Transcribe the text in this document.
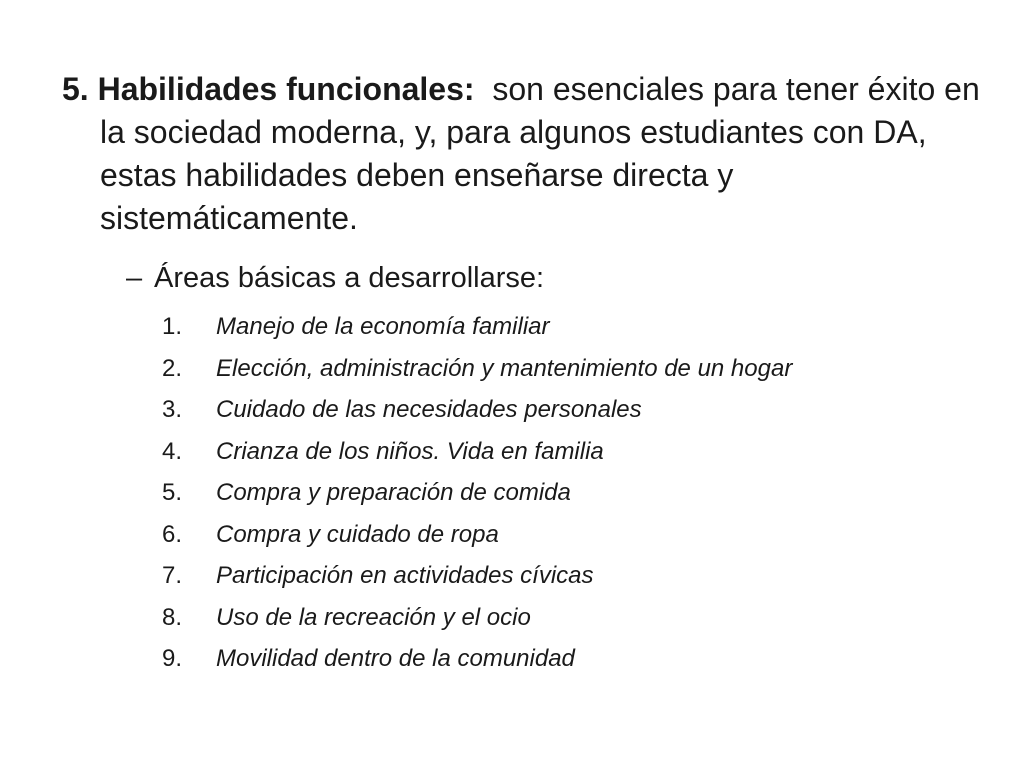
5. Habilidades funcionales: son esenciales para tener éxito en la sociedad moderna, y, para algunos estudiantes con DA, estas habilidades deben enseñarse directa y sistemáticamente.
– Áreas básicas a desarrollarse:
1. Manejo de la economía familiar
2. Elección, administración y mantenimiento de un hogar
3. Cuidado de las necesidades personales
4. Crianza de los niños. Vida en familia
5. Compra y preparación de comida
6. Compra y cuidado de ropa
7. Participación en actividades cívicas
8. Uso de la recreación y el ocio
9. Movilidad dentro de la comunidad
